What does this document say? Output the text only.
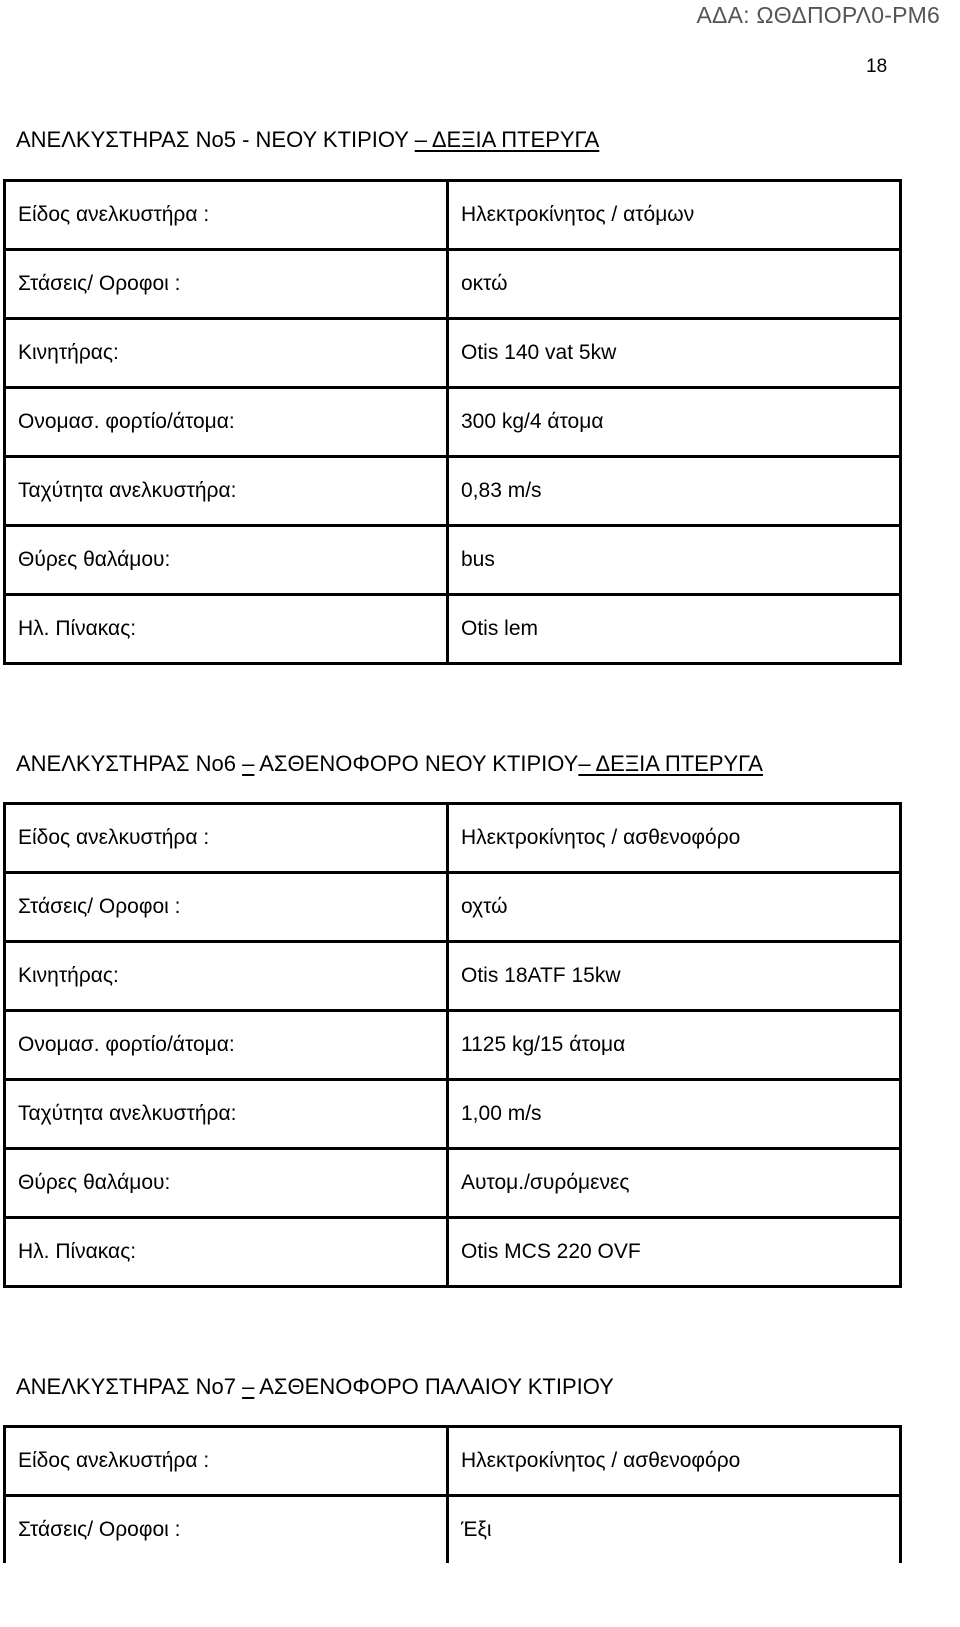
ΑΔΑ: ΩΘΔΠΟΡΛ0-ΡΜ6
18
ΑΝΕΛΚΥΣΤΗΡΑΣ Νο5 - ΝΕΟΥ ΚΤΙΡΙΟΥ – ΔΕΞΙΑ ΠΤΕΡΥΓΑ
Είδος ανελκυστήρα :	Ηλεκτροκίνητος / ατόμων
Στάσεις/ Οροφοι :	οκτώ
Κινητήρας:	Otis 140 vat 5kw
Ονομασ. φορτίο/άτομα:	300 kg/4 άτομα
Ταχύτητα ανελκυστήρα:	0,83 m/s
Θύρες θαλάμου:	bus
Ηλ. Πίνακας:	Otis lem
ΑΝΕΛΚΥΣΤΗΡΑΣ Νο6 – ΑΣΘΕΝΟΦΟΡΟ ΝΕΟΥ ΚΤΙΡΙΟΥ– ΔΕΞΙΑ ΠΤΕΡΥΓΑ
Είδος ανελκυστήρα :	Ηλεκτροκίνητος / ασθενοφόρο
Στάσεις/ Οροφοι :	οχτώ
Κινητήρας:	Otis 18ATF 15kw
Ονομασ. φορτίο/άτομα:	1125 kg/15 άτομα
Ταχύτητα ανελκυστήρα:	1,00 m/s
Θύρες θαλάμου:	Αυτομ./συρόμενες
Ηλ. Πίνακας:	Otis MCS 220 OVF
ΑΝΕΛΚΥΣΤΗΡΑΣ Νο7 – ΑΣΘΕΝΟΦΟΡΟ ΠΑΛΑΙΟΥ ΚΤΙΡΙΟΥ
Είδος ανελκυστήρα :	Ηλεκτροκίνητος / ασθενοφόρο
Στάσεις/ Οροφοι :	Έξι
